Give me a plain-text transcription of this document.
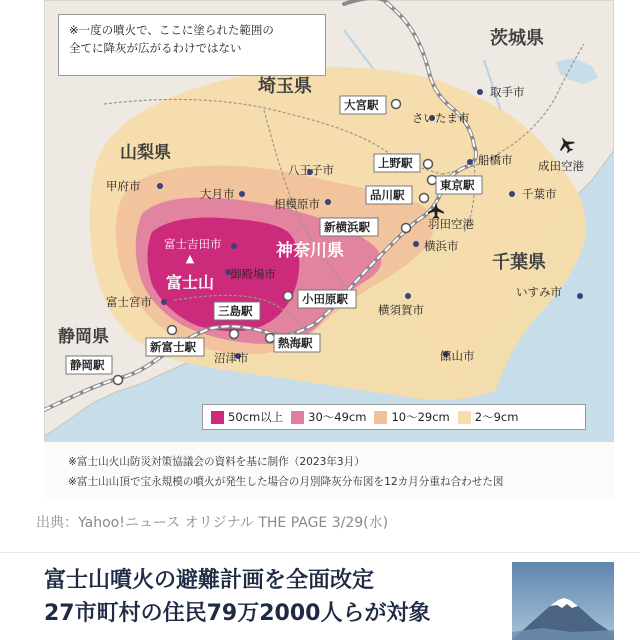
▲
富士山
茨城県
埼玉県
山梨県
神奈川県
千葉県
静岡県
さいたま市
取手市
船橋市 成田空港
千葉市
羽田空港
横浜市
横須賀市
いすみ市
館山市
八王子市
相模原市
甲府市
大月市
富士吉田市
御殿場市
富士宮市
沼津市
大宮駅
上野駅
東京駅
品川駅
新横浜駅
小田原駅
三島駅
熱海駅
新富士駅
静岡駅
※一度の噴火で、ここに塗られた範囲の
全てに降灰が広がるわけではない
50cm以上 30～49cm 10～29cm 2～9cm
※富士山火山防災対策協議会の資料を基に制作（2023年3月）
※富士山山頂で宝永規模の噴火が発生した場合の月別降灰分布図を12カ月分重ね合わせた図
出典：Yahoo!ニュース オリジナル THE PAGE 3/29(水)
富士山噴火の避難計画を全面改定
27市町村の住民79万2000人らが対象
